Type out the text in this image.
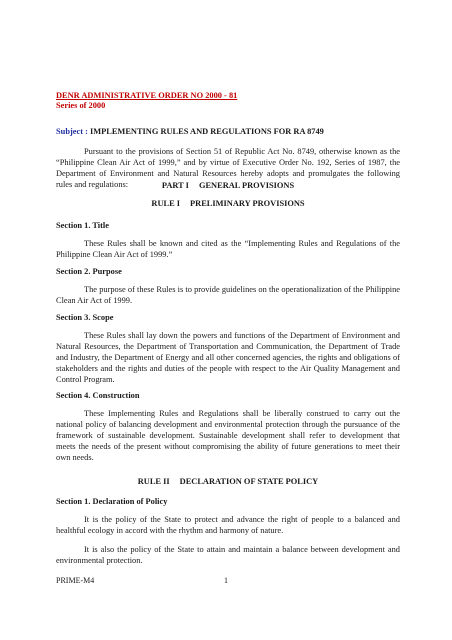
DENR ADMINISTRATIVE ORDER NO 2000 - 81
Series of 2000
Subject : IMPLEMENTING RULES AND REGULATIONS FOR RA 8749
Pursuant to the provisions of Section 51 of Republic Act No. 8749, otherwise known as the “Philippine Clean Air Act of 1999,” and by virtue of Executive Order No. 192, Series of 1987, the Department of Environment and Natural Resources hereby adopts and promulgates the following rules and regulations:	PART I GENERAL PROVISIONS
RULE I PRELIMINARY PROVISIONS
Section 1. Title
These Rules shall be known and cited as the “Implementing Rules and Regulations of the Philippine Clean Air Act of 1999.”
Section 2. Purpose
The purpose of these Rules is to provide guidelines on the operationalization of the Philippine Clean Air Act of 1999.
Section 3. Scope
These Rules shall lay down the powers and functions of the Department of Environment and Natural Resources, the Department of Transportation and Communication, the Department of Trade and Industry, the Department of Energy and all other concerned agencies, the rights and obligations of stakeholders and the rights and duties of the people with respect to the Air Quality Management and Control Program.
Section 4. Construction
These Implementing Rules and Regulations shall be liberally construed to carry out the national policy of balancing development and environmental protection through the pursuance of the framework of sustainable development. Sustainable development shall refer to development that meets the needs of the present without compromising the ability of future generations to meet their own needs.
RULE II DECLARATION OF STATE POLICY
Section 1. Declaration of Policy
It is the policy of the State to protect and advance the right of people to a balanced and healthful ecology in accord with the rhythm and harmony of nature.
It is also the policy of the State to attain and maintain a balance between development and environmental protection.
PRIME-M4	1
